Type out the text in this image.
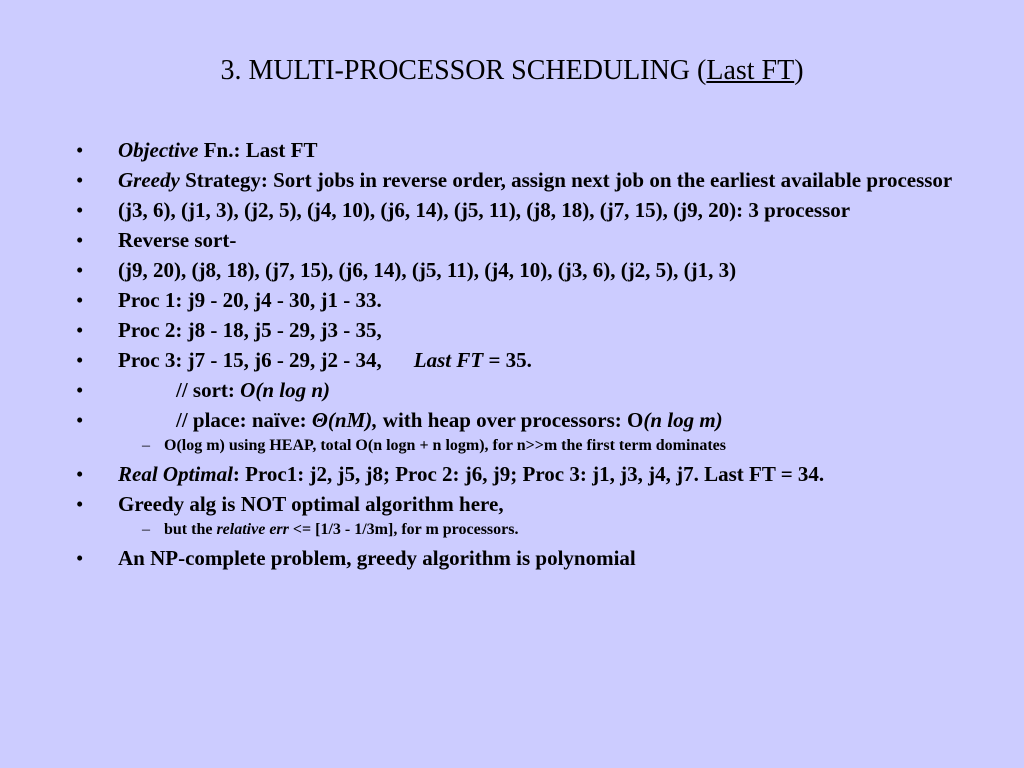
3. MULTI-PROCESSOR SCHEDULING (Last FT)
• Objective Fn.: Last FT
• Greedy Strategy: Sort jobs in reverse order, assign next job on the earliest available processor
• (j3, 6), (j1, 3), (j2, 5), (j4, 10), (j6, 14), (j5, 11), (j8, 18), (j7, 15), (j9, 20): 3 processor
• Reverse sort-
• (j9, 20), (j8, 18), (j7, 15), (j6, 14), (j5, 11), (j4, 10), (j3, 6), (j2, 5), (j1, 3)
• Proc 1: j9 - 20, j4 - 30, j1 - 33.
• Proc 2: j8 - 18, j5 - 29, j3 - 35,
• Proc 3: j7 - 15, j6 - 29, j2 - 34, Last FT = 35.
• // sort: O(n log n)
• // place: naïve: Θ(nM), with heap over processors: O(n log m)
– O(log m) using HEAP, total O(n logn + n logm), for n>>m the first term dominates
• Real Optimal: Proc1: j2, j5, j8; Proc 2: j6, j9; Proc 3: j1, j3, j4, j7. Last FT = 34.
• Greedy alg is NOT optimal algorithm here,
– but the relative err <= [1/3 - 1/3m], for m processors.
• An NP-complete problem, greedy algorithm is polynomial
